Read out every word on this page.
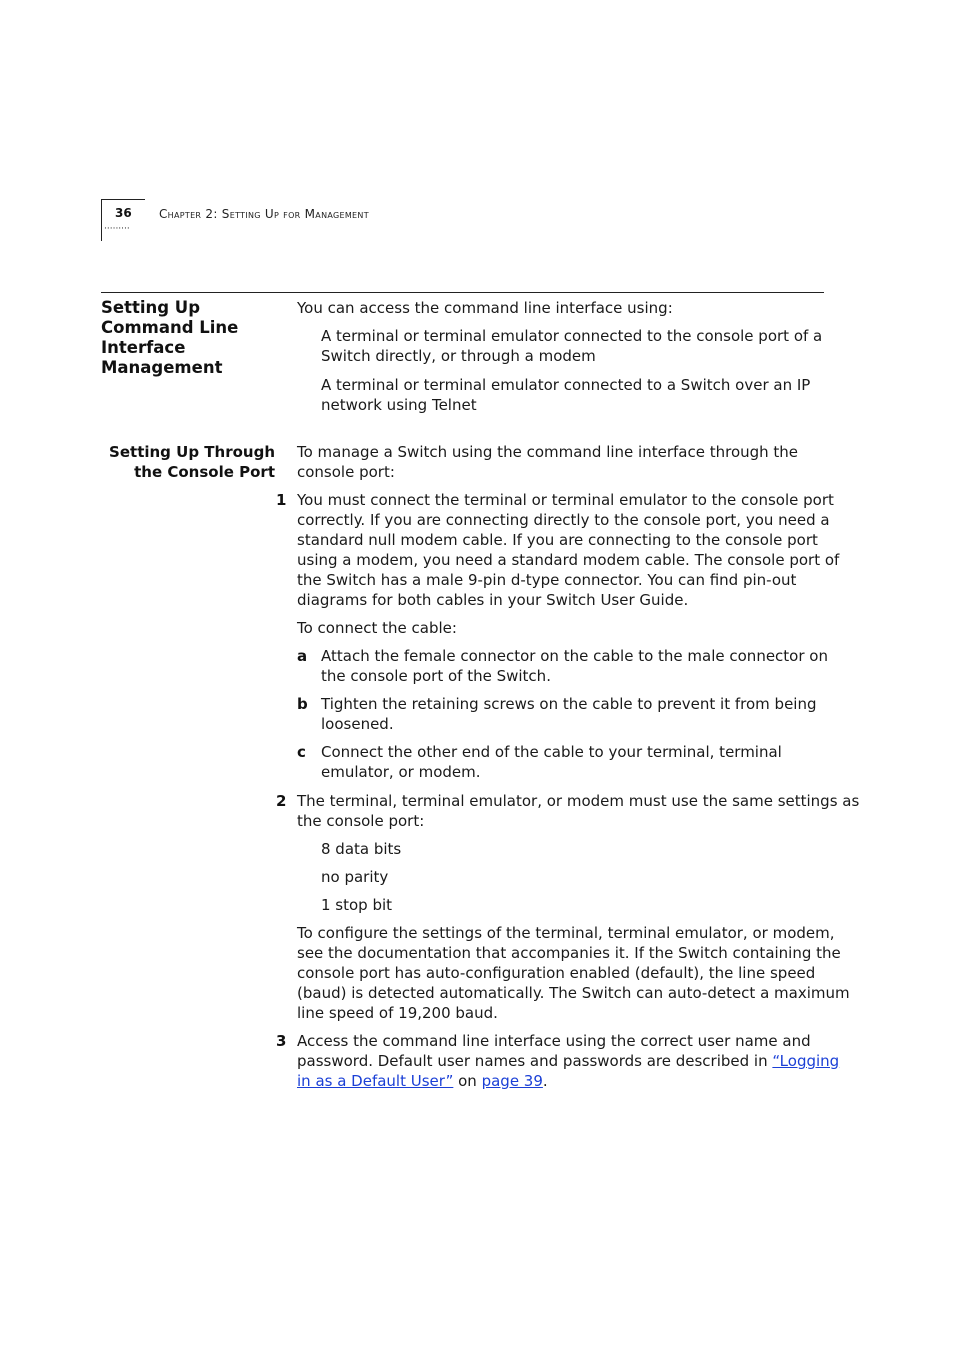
·········
36 Chapter 2: Setting Up for Management
Setting Up
Command Line
Interface
Management

You can access the command line interface using:

A terminal or terminal emulator connected to the console port of a
Switch directly, or through a modem
A terminal or terminal emulator connected to a Switch over an IP
network using Telnet
Setting Up Through
the Console Port
To manage a Switch using the command line interface through the
console port:
1 You must connect the terminal or terminal emulator to the console port
correctly. If you are connecting directly to the console port, you need a
standard null modem cable. If you are connecting to the console port
using a modem, you need a standard modem cable. The console port of
the Switch has a male 9-pin d-type connector. You can find pin-out
diagrams for both cables in your Switch User Guide.

To connect the cable:

a Attach the female connector on the cable to the male connector on
the console port of the Switch.
b Tighten the retaining screws on the cable to prevent it from being
loosened.
c Connect the other end of the cable to your terminal, terminal
emulator, or modem.
2 The terminal, terminal emulator, or modem must use the same settings as
the console port:

8 data bits

no parity

1 stop bit

To configure the settings of the terminal, terminal emulator, or modem,
see the documentation that accompanies it. If the Switch containing the
console port has auto-configuration enabled (default), the line speed
(baud) is detected automatically. The Switch can auto-detect a maximum
line speed of 19,200 baud.
3 Access the command line interface using the correct user name and
password. Default user names and passwords are described in “Logging
in as a Default User” on page 39.
